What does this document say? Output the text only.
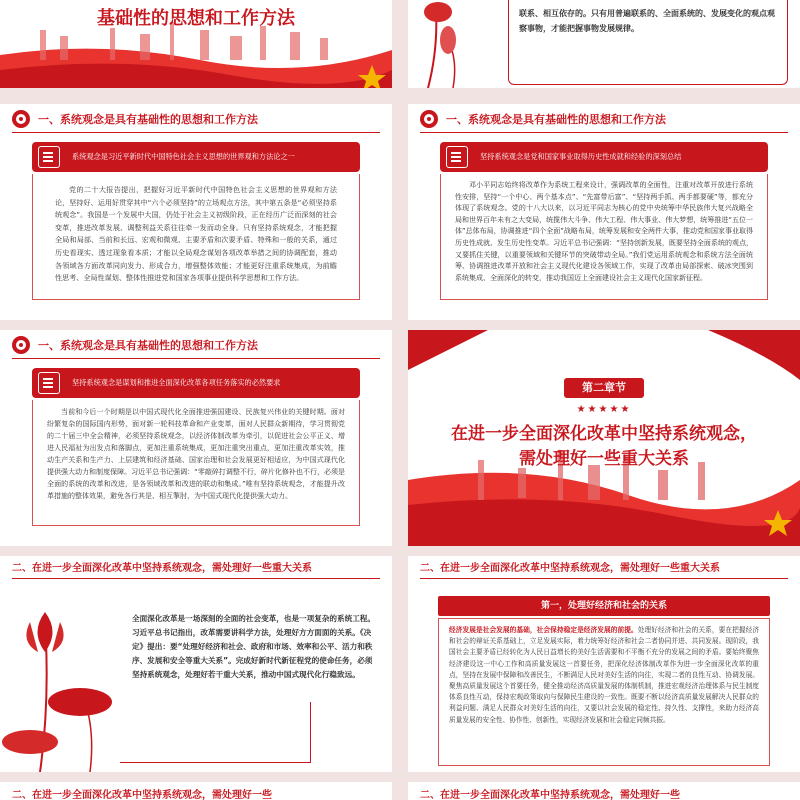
基础性的思想和工作方法	联系、相互依存的。只有用普遍联系的、全面系统的、发展变化的观点观察事物，才能把握事物发展规律。
一、系统观念是具有基础性的思想和工作方法
系统观念是习近平新时代中国特色社会主义思想的世界观和方法论之一
党的二十大报告提出，把握好习近平新时代中国特色社会主义思想的世界观和方法论，坚持好、运用好贯穿其中“六个必须坚持”的立场观点方法，其中第五条是“必须坚持系统观念”。我国是一个发展中大国，仍处于社会主义初级阶段，正在经历广泛而深刻的社会变革，推进改革发展、调整利益关系往往牵一发而动全身。只有坚持系统观念，才能把握全局和局部、当前和长远、宏观和微观、主要矛盾和次要矛盾、特殊和一般的关系，通过历史看现实、透过现象看本质；才能以全局观念谋划各项改革举措之间的协调配套，推动各领域各方面改革同向发力、形成合力，增强整体效能；才能更好注重系统集成，为前瞻性思考、全局性谋划、整体性推进党和国家各项事业提供科学思想和工作方法。
一、系统观念是具有基础性的思想和工作方法
坚持系统观念是党和国家事业取得历史性成就和经验的深刻总结
邓小平同志始终将改革作为系统工程来设计，强调改革的全面性，注重对改革开放进行系统性安排，坚持“一个中心、两个基本点”、“先富带后富”、“坚持两手抓、两手都要硬”等，都充分体现了系统观念。党的十八大以来，以习近平同志为核心的党中央统筹中华民族伟大复兴战略全局和世界百年未有之大变局，统揽伟大斗争、伟大工程、伟大事业、伟大梦想，统筹推进“五位一体”总体布局，协调推进“四个全面”战略布局，统筹发展和安全两件大事，推动党和国家事业取得历史性成就、发生历史性变革。习近平总书记强调：“坚持创新发展，既要坚持全面系统的观点，又要抓住关键，以重要领域和关键环节的突破带动全局。”我们党运用系统观念和系统方法全面统筹、协调推进改革开放和社会主义现代化建设各领域工作，实现了改革由局部探索、破冰突围到系统集成、全面深化的转变，推动我国迈上全面建设社会主义现代化国家新征程。
一、系统观念是具有基础性的思想和工作方法
坚持系统观念是谋划和推进全面深化改革各项任务落实的必然要求
当前和今后一个时期是以中国式现代化全面推进强国建设、民族复兴伟业的关键时期。面对纷繁复杂的国际国内形势，面对新一轮科技革命和产业变革，面对人民群众新期待，学习贯彻党的二十届三中全会精神，必须坚持系统观念，以经济体制改革为牵引，以促进社会公平正义、增进人民福祉为出发点和落脚点，更加注重系统集成，更加注重突出重点，更加注重改革实效，推动生产关系和生产力、上层建筑和经济基础、国家治理和社会发展更好相适应，为中国式现代化提供强大动力和制度保障。习近平总书记强调：“零敲碎打调整不行，碎片化修补也不行，必须是全面的系统的改革和改进，是各领域改革和改进的联动和集成。”唯有坚持系统观念，才能提升改革措施的整体效果，避免各行其是、相互掣肘，为中国式现代化提供强大动力。
第二章节
★★★★★
在进一步全面深化改革中坚持系统观念，
需处理好一些重大关系
二、在进一步全面深化改革中坚持系统观念，需处理好一些重大关系
全面深化改革是一场深刻的全面的社会变革，也是一项复杂的系统工程。习近平总书记指出，改革需要讲科学方法，处理好方方面面的关系。《决定》提出：要“处理好经济和社会、政府和市场、效率和公平、活力和秩序、发展和安全等重大关系”。完成好新时代新征程党的使命任务，必须坚持系统观念，处理好若干重大关系，推动中国式现代化行稳致远。
二、在进一步全面深化改革中坚持系统观念，需处理好一些重大关系
第一，处理好经济和社会的关系
经济发展是社会发展的基础，社会保持稳定是经济发展的前提。处理好经济和社会的关系，要在把握经济和社会的辩证关系基础上，立足发展实际，着力统筹好经济和社会二者协同并进、共同发展。现阶段，我国社会主要矛盾已经转化为人民日益增长的美好生活需要和不平衡不充分的发展之间的矛盾。要始终聚焦经济建设这一中心工作和高质量发展这一首要任务，把深化经济体制改革作为进一步全面深化改革的重点，坚持在发展中保障和改善民生，不断满足人民对美好生活的向往，实现二者的良性互动、协调发展。聚焦高质量发展这个首要任务，健全推动经济高质量发展的体制机制，推进宏观经济治理体系与民生制度体系良性互动，保持宏观政策取向与保障民生建设的一致性。既要不断以经济高质量发展解决人民群众的利益问题、满足人民群众对美好生活的向往，又要以社会发展的稳定性、持久性、支撑性，来助力经济高质量发展的安全性、协作性、创新性，实现经济发展和社会稳定同频共振。
二、在进一步全面深化改革中坚持系统观念，需处理好一些	二、在进一步全面深化改革中坚持系统观念，需处理好一些
